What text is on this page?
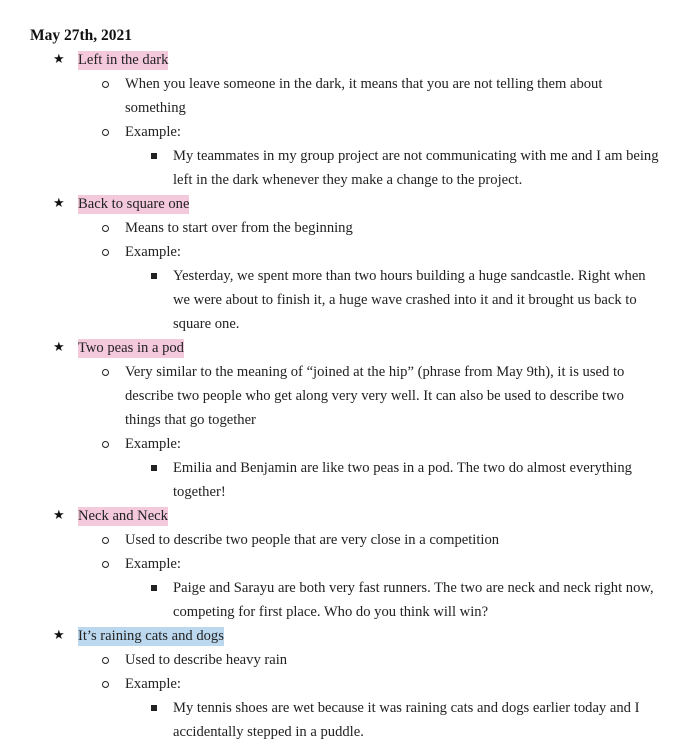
May 27th, 2021
★ Left in the dark
When you leave someone in the dark, it means that you are not telling them about something
Example:
My teammates in my group project are not communicating with me and I am being left in the dark whenever they make a change to the project.
★ Back to square one
Means to start over from the beginning
Example:
Yesterday, we spent more than two hours building a huge sandcastle. Right when we were about to finish it, a huge wave crashed into it and it brought us back to square one.
★ Two peas in a pod
Very similar to the meaning of “joined at the hip” (phrase from May 9th), it is used to describe two people who get along very very well. It can also be used to describe two things that go together
Example:
Emilia and Benjamin are like two peas in a pod. The two do almost everything together!
★ Neck and Neck
Used to describe two people that are very close in a competition
Example:
Paige and Sarayu are both very fast runners. The two are neck and neck right now, competing for first place. Who do you think will win?
★ It’s raining cats and dogs
Used to describe heavy rain
Example:
My tennis shoes are wet because it was raining cats and dogs earlier today and I accidentally stepped in a puddle.
